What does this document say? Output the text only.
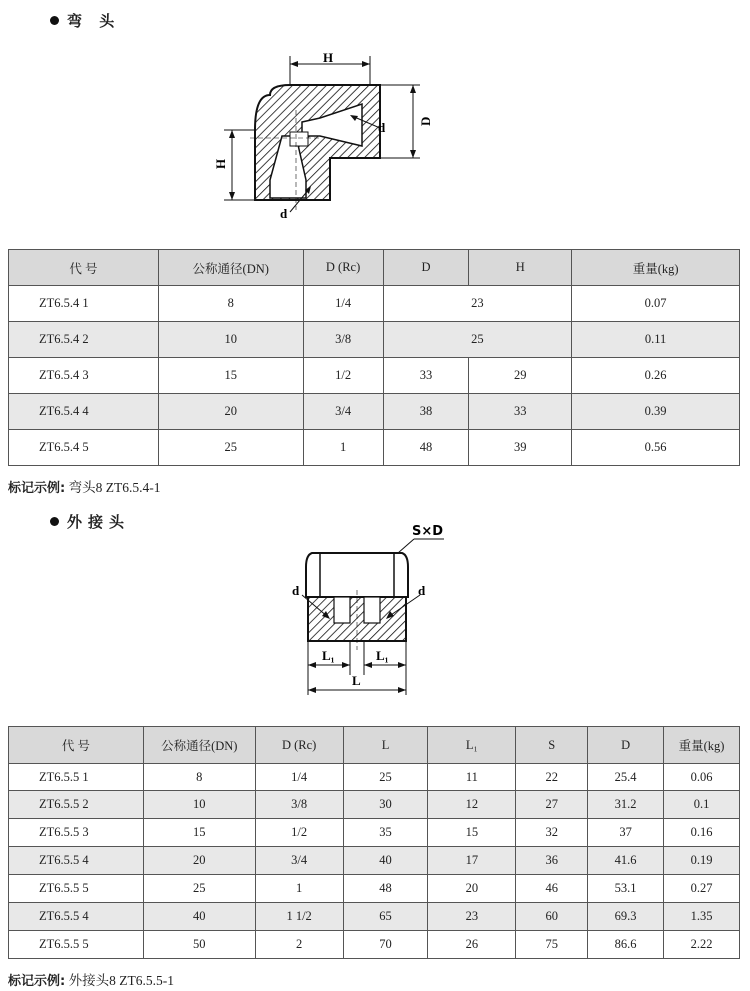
弯 头
H
D
H
d
d
代 号	公称通径(DN)	D (Rc)	D	H	重量(kg)
ZT6.5.4 1	8	1/4	23		0.07
ZT6.5.4 2	10	3/8	25		0.11
ZT6.5.4 3	15	1/2	33	29	0.26
ZT6.5.4 4	20	3/4	38	33	0.39
ZT6.5.4 5	25	1	48	39	0.56
标记示例: 弯头8 ZT6.5.4-1
外接头
S×D
d	d
L₁	L₁
L
代 号	公称通径(DN)	D (Rc)	L	L₁	S	D	重量(kg)
ZT6.5.5 1	8	1/4	25	11	22	25.4	0.06
ZT6.5.5 2	10	3/8	30	12	27	31.2	0.1
ZT6.5.5 3	15	1/2	35	15	32	37	0.16
ZT6.5.5 4	20	3/4	40	17	36	41.6	0.19
ZT6.5.5 5	25	1	48	20	46	53.1	0.27
ZT6.5.5 4	40	1 1/2	65	23	60	69.3	1.35
ZT6.5.5 5	50	2	70	26	75	86.6	2.22
标记示例: 外接头8 ZT6.5.5-1
